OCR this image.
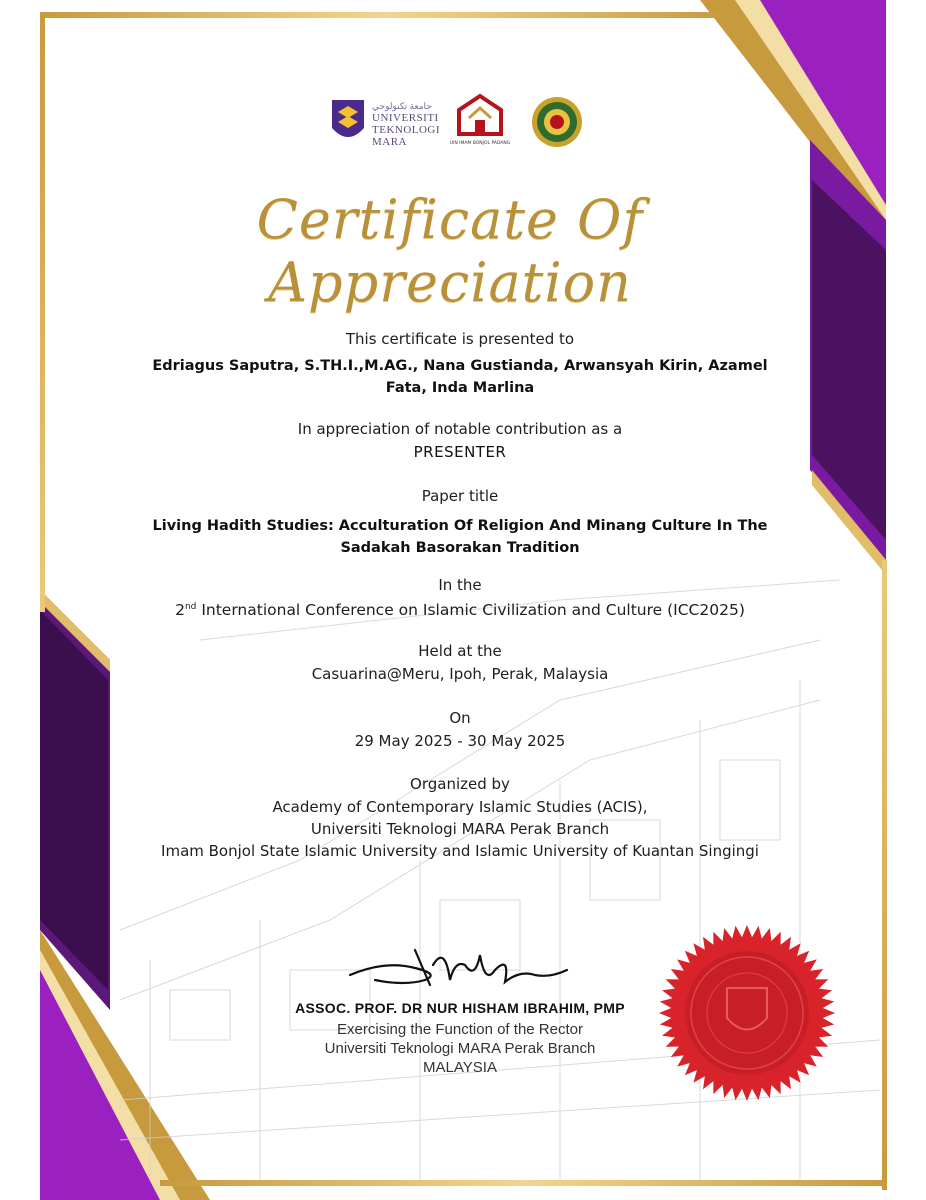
جامعة تكنولوجي
UNIVERSITI
TEKNOLOGI
MARA	UIN IMAM BONJOL PADANG
Certificate Of Appreciation
This certificate is presented to
Edriagus Saputra, S.TH.I.,M.AG., Nana Gustianda, Arwansyah Kirin, Azamel
Fata, Inda Marlina
In appreciation of notable contribution as a
PRESENTER
Paper title
Living Hadith Studies: Acculturation Of Religion And Minang Culture In The
Sadakah Basorakan Tradition
In the
2nd International Conference on Islamic Civilization and Culture (ICC2025)
Held at the
Casuarina@Meru, Ipoh, Perak, Malaysia
On
29 May 2025 - 30 May 2025
Organized by
Academy of Contemporary Islamic Studies (ACIS),
Universiti Teknologi MARA Perak Branch
Imam Bonjol State Islamic University and Islamic University of Kuantan Singingi
ASSOC. PROF. DR NUR HISHAM IBRAHIM, PMP
Exercising the Function of the Rector
Universiti Teknologi MARA Perak Branch
MALAYSIA
